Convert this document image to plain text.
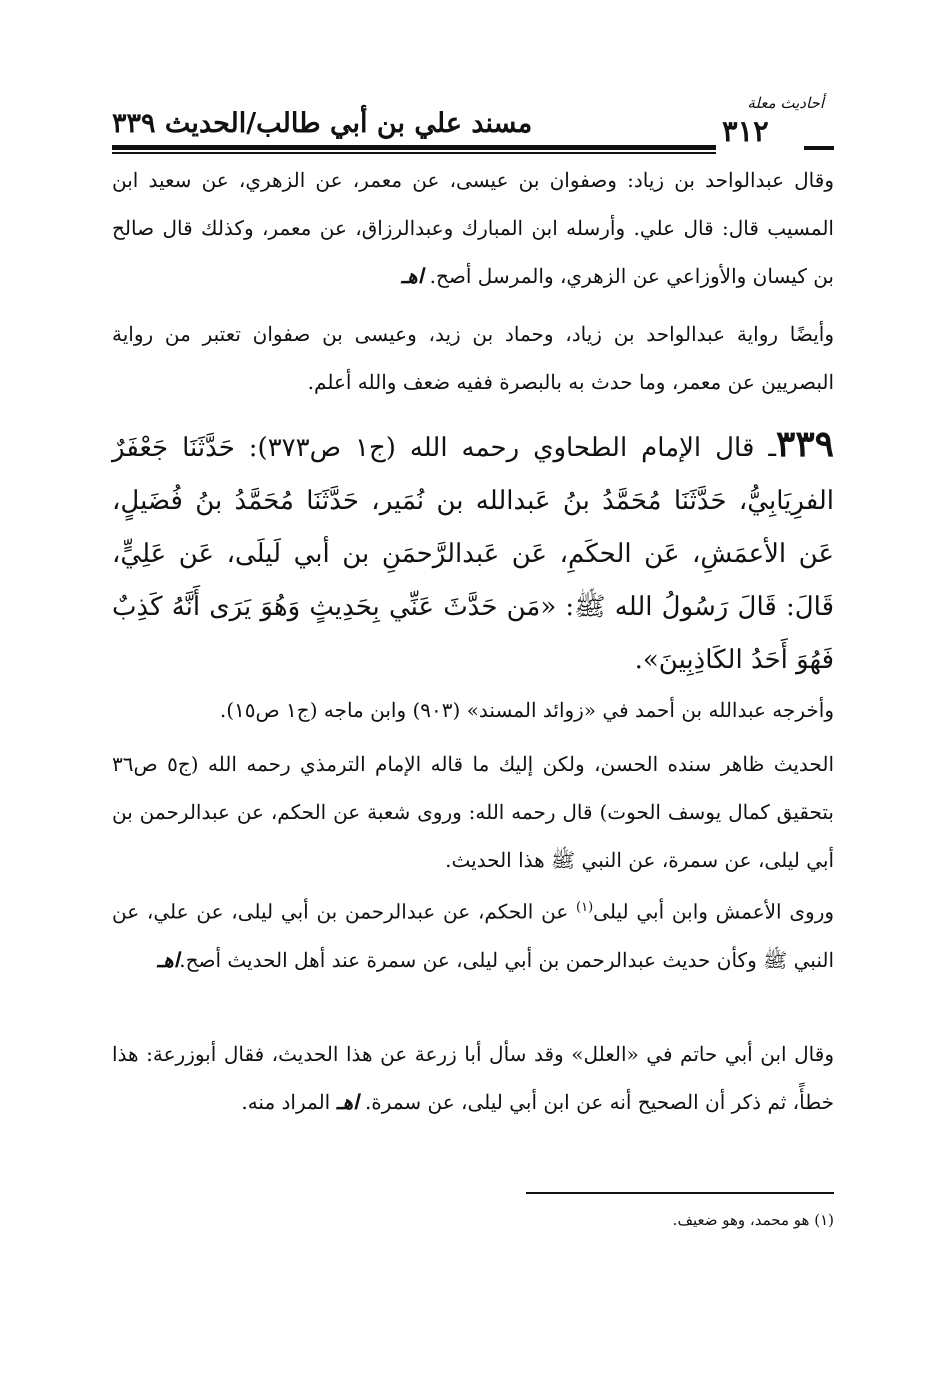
مسند علي بن أبي طالب/الحديث ٣٣٩
أحاديث معلة
٣١٢

وقال عبدالواحد بن زياد: وصفوان بن عيسى، عن معمر، عن الزهري، عن سعيد ابن المسيب قال: قال علي. وأرسله ابن المبارك وعبدالرزاق، عن معمر، وكذلك قال صالح بن كيسان والأوزاعي عن الزهري، والمرسل أصح. اهـ

وأيضًا رواية عبدالواحد بن زياد، وحماد بن زيد، وعيسى بن صفوان تعتبر من رواية البصريين عن معمر، وما حدث به بالبصرة ففيه ضعف والله أعلم.

٣٣٩ـ قال الإمام الطحاوي رحمه الله (ج١ ص٣٧٣): حَدَّثَنَا جَعْفَرٌ الفرِيَابِيُّ، حَدَّثَنَا مُحَمَّدُ بنُ عَبدالله بن نُمَير، حَدَّثَنَا مُحَمَّدُ بنُ فُضَيلٍ، عَن الأعمَشِ، عَن الحكَمِ، عَن عَبدالرَّحمَنِ بن أبي لَيلَى، عَن عَلِيٍّ، قَالَ: قَالَ رَسُولُ الله ﷺ: «مَن حَدَّثَ عَنِّي بِحَدِيثٍ وَهُوَ يَرَى أَنَّهُ كَذِبٌ فَهُوَ أَحَدُ الكَاذِبِينَ».

وأخرجه عبدالله بن أحمد في «زوائد المسند» (٩٠٣) وابن ماجه (ج١ ص١٥).

الحديث ظاهر سنده الحسن، ولكن إليك ما قاله الإمام الترمذي رحمه الله (ج٥ ص٣٦ بتحقيق كمال يوسف الحوت) قال رحمه الله: وروى شعبة عن الحكم، عن عبدالرحمن بن أبي ليلى، عن سمرة، عن النبي ﷺ هذا الحديث.

وروى الأعمش وابن أبي ليلى$^{(١)}$ عن الحكم، عن عبدالرحمن بن أبي ليلى، عن علي، عن النبي ﷺ وكأن حديث عبدالرحمن بن أبي ليلى، عن سمرة عند أهل الحديث أصح.اهـ

وقال ابن أبي حاتم في «العلل» وقد سأل أبا زرعة عن هذا الحديث، فقال أبوزرعة: هذا خطأً، ثم ذكر أن الصحيح أنه عن ابن أبي ليلى، عن سمرة. اهـ المراد منه.

(١) هو محمد، وهو ضعيف.
